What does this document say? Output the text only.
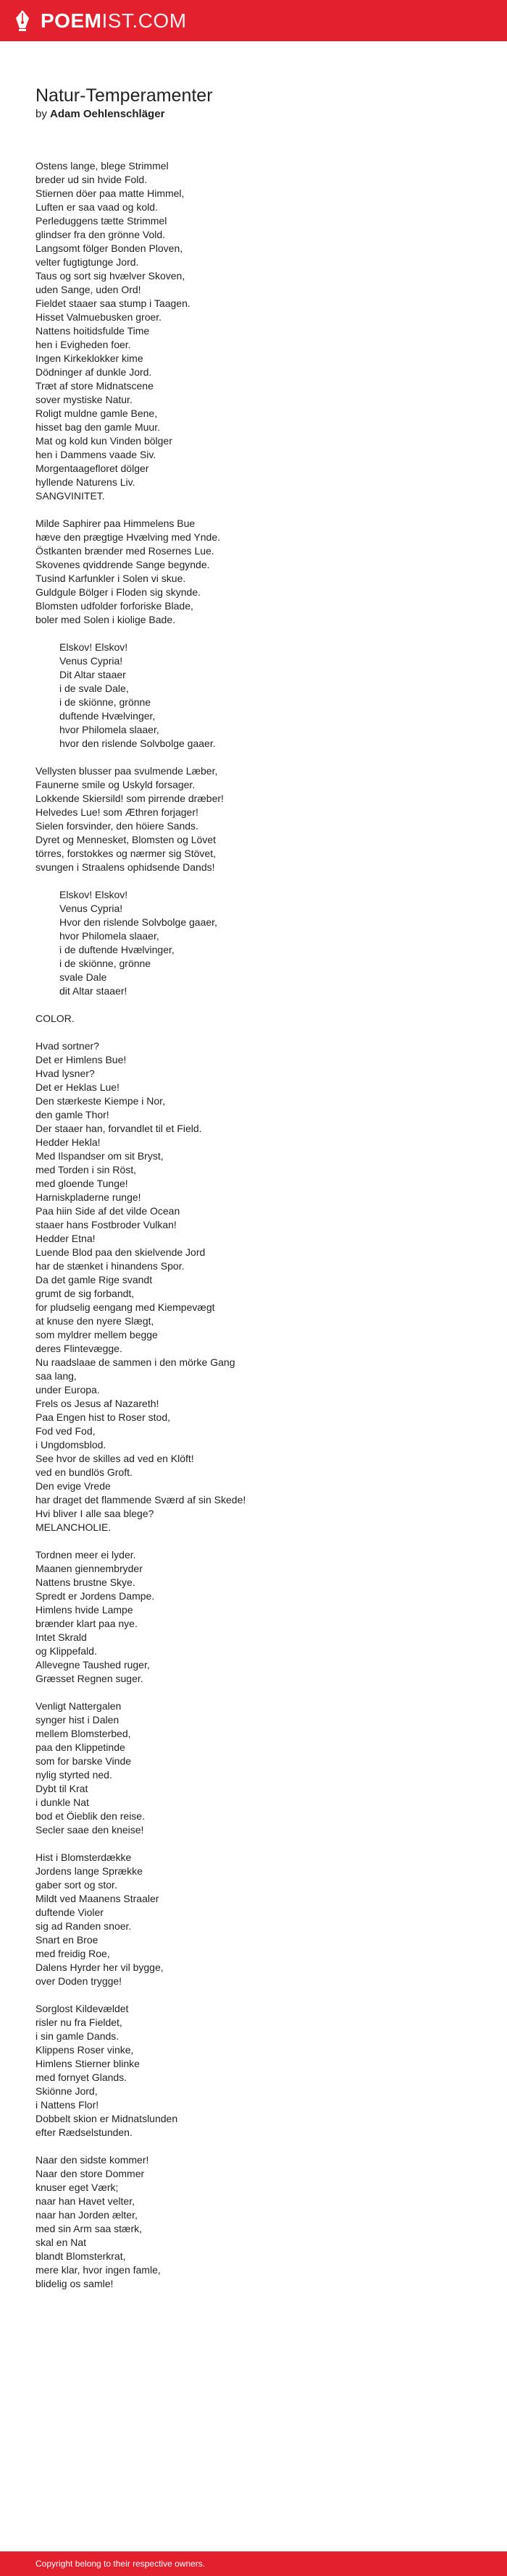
POEMIST.COM
Natur-Temperamenter
by Adam Oehlenschläger
Ostens lange, blege Strimmel
breder ud sin hvide Fold.
Stiernen döer paa matte Himmel,
Luften er saa vaad og kold.
Perleduggens tætte Strimmel
glindser fra den grönne Vold.
Langsomt fölger Bonden Ploven,
velter fugtigtunge Jord.
Taus og sort sig hvælver Skoven,
uden Sange, uden Ord!
Fieldet staaer saa stump i Taagen.
Hisset Valmuebusken groer.
Nattens hoitidsfulde Time
hen i Evigheden foer.
Ingen Kirkeklokker kime
Dödninger af dunkle Jord.
Træt af store Midnatscene
sover mystiske Natur.
Roligt muldne gamle Bene,
hisset bag den gamle Muur.
Mat og kold kun Vinden bölger
hen i Dammens vaade Siv.
Morgentaagefloret dölger
hyllende Naturens Liv.
SANGVINITET.
Milde Saphirer paa Himmelens Bue
hæve den prægtige Hvælving med Ynde.
Östkanten brænder med Rosernes Lue.
Skovenes qviddrende Sange begynde.
Tusind Karfunkler i Solen vi skue.
Guldgule Bölger i Floden sig skynde.
Blomsten udfolder forforiske Blade,
boler med Solen i kiolige Bade.
Elskov! Elskov!
Venus Cypria!
Dit Altar staaer
i de svale Dale,
i de skiönne, grönne
duftende Hvælvinger,
hvor Philomela slaaer,
hvor den rislende Solvbolge gaaer.
Vellysten blusser paa svulmende Læber,
Faunerne smile og Uskyld forsager.
Lokkende Skiersild! som pirrende dræber!
Helvedes Lue! som Æthren forjager!
Sielen forsvinder, den höiere Sands.
Dyret og Mennesket, Blomsten og Lövet
törres, forstokkes og nærmer sig Stövet,
svungen i Straalens ophidsende Dands!
Elskov! Elskov!
Venus Cypria!
Hvor den rislende Solvbolge gaaer,
hvor Philomela slaaer,
i de duftende Hvælvinger,
i de skiönne, grönne
svale Dale
dit Altar staaer!
COLOR.
Hvad sortner?
Det er Himlens Bue!
Hvad lysner?
Det er Heklas Lue!
Den stærkeste Kiempe i Nor,
den gamle Thor!
Der staaer han, forvandlet til et Field.
Hedder Hekla!
Med Ilspandser om sit Bryst,
med Torden i sin Röst,
med gloende Tunge!
Harniskpladerne runge!
Paa hiin Side af det vilde Ocean
staaer hans Fostbroder Vulkan!
Hedder Etna!
Luende Blod paa den skielvende Jord
har de stænket i hinandens Spor.
Da det gamle Rige svandt
grumt de sig forbandt,
for pludselig eengang med Kiempevægt
at knuse den nyere Slægt,
som myldrer mellem begge
deres Flintevægge.
Nu raadslaae de sammen i den mörke Gang
saa lang,
under Europa.
Frels os Jesus af Nazareth!
Paa Engen hist to Roser stod,
Fod ved Fod,
i Ungdomsblod.
See hvor de skilles ad ved en Klöft!
ved en bundlös Groft.
Den evige Vrede
har draget det flammende Sværd af sin Skede!
Hvi bliver I alle saa blege?
MELANCHOLIE.
Tordnen meer ei lyder.
Maanen giennembryder
Nattens brustne Skye.
Spredt er Jordens Dampe.
Himlens hvide Lampe
brænder klart paa nye.
Intet Skrald
og Klippefald.
Allevegne Taushed ruger,
Græsset Regnen suger.
Venligt Nattergalen
synger hist i Dalen
mellem Blomsterbed,
paa den Klippetinde
som for barske Vinde
nylig styrted ned.
Dybt til Krat
i dunkle Nat
bod et Öieblik den reise.
Secler saae den kneise!
Hist i Blomsterdække
Jordens lange Sprække
gaber sort og stor.
Mildt ved Maanens Straaler
duftende Violer
sig ad Randen snoer.
Snart en Broe
med freidig Roe,
Dalens Hyrder her vil bygge,
over Doden trygge!
Sorglost Kildevældet
risler nu fra Fieldet,
i sin gamle Dands.
Klippens Roser vinke,
Himlens Stierner blinke
med fornyet Glands.
Skiönne Jord,
i Nattens Flor!
Dobbelt skion er Midnatslunden
efter Rædselstunden.
Naar den sidste kommer!
Naar den store Dommer
knuser eget Værk;
naar han Havet velter,
naar han Jorden ælter,
med sin Arm saa stærk,
skal en Nat
blandt Blomsterkrat,
mere klar, hvor ingen famle,
blidelig os samle!
Copyright belong to their respective owners.
